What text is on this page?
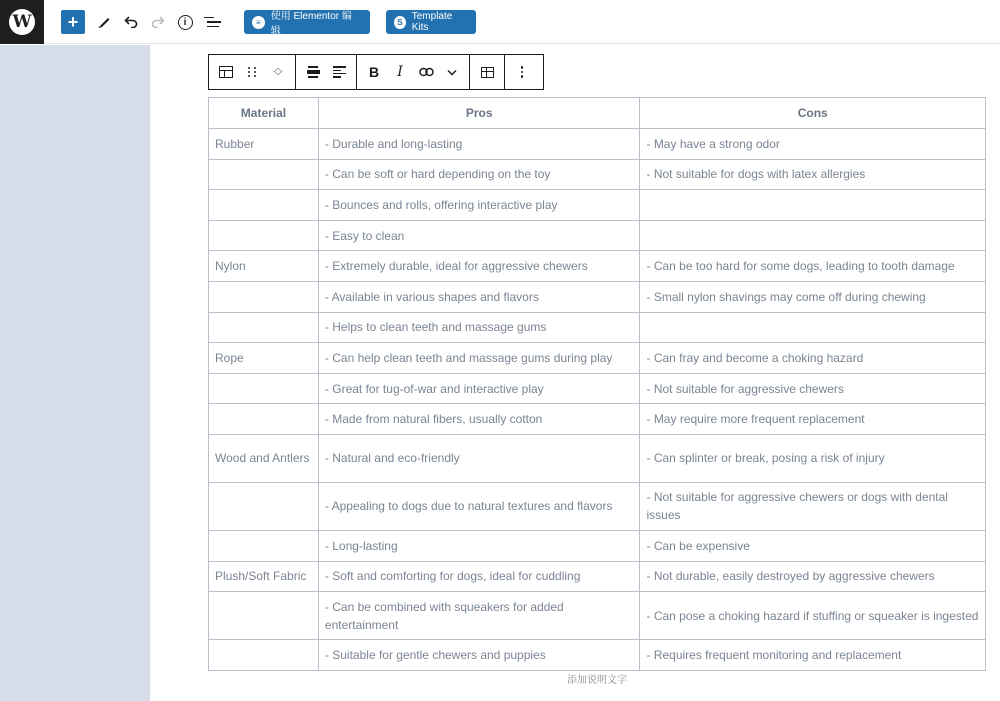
W +	i	≡	使用 Elementor 编辑
S Template Kits
︿
﹀	B I
Material	Pros	Cons
Rubber	- Durable and long-lasting	- May have a strong odor
	- Can be soft or hard depending on the toy	- Not suitable for dogs with latex allergies
	- Bounces and rolls, offering interactive play	
	- Easy to clean	
Nylon	- Extremely durable, ideal for aggressive chewers	- Can be too hard for some dogs, leading to tooth damage
	- Available in various shapes and flavors	- Small nylon shavings may come off during chewing
	- Helps to clean teeth and massage gums	
Rope	- Can help clean teeth and massage gums during play	- Can fray and become a choking hazard
	- Great for tug-of-war and interactive play	- Not suitable for aggressive chewers
	- Made from natural fibers, usually cotton	- May require more frequent replacement
Wood and Antlers	- Natural and eco-friendly	- Can splinter or break, posing a risk of injury
	- Appealing to dogs due to natural textures and flavors	- Not suitable for aggressive chewers or dogs with dental issues
	- Long-lasting	- Can be expensive
Plush/Soft Fabric	- Soft and comforting for dogs, ideal for cuddling	- Not durable, easily destroyed by aggressive chewers
	- Can be combined with squeakers for added entertainment	- Can pose a choking hazard if stuffing or squeaker is ingested
	- Suitable for gentle chewers and puppies	- Requires frequent monitoring and replacement
添加说明文字
